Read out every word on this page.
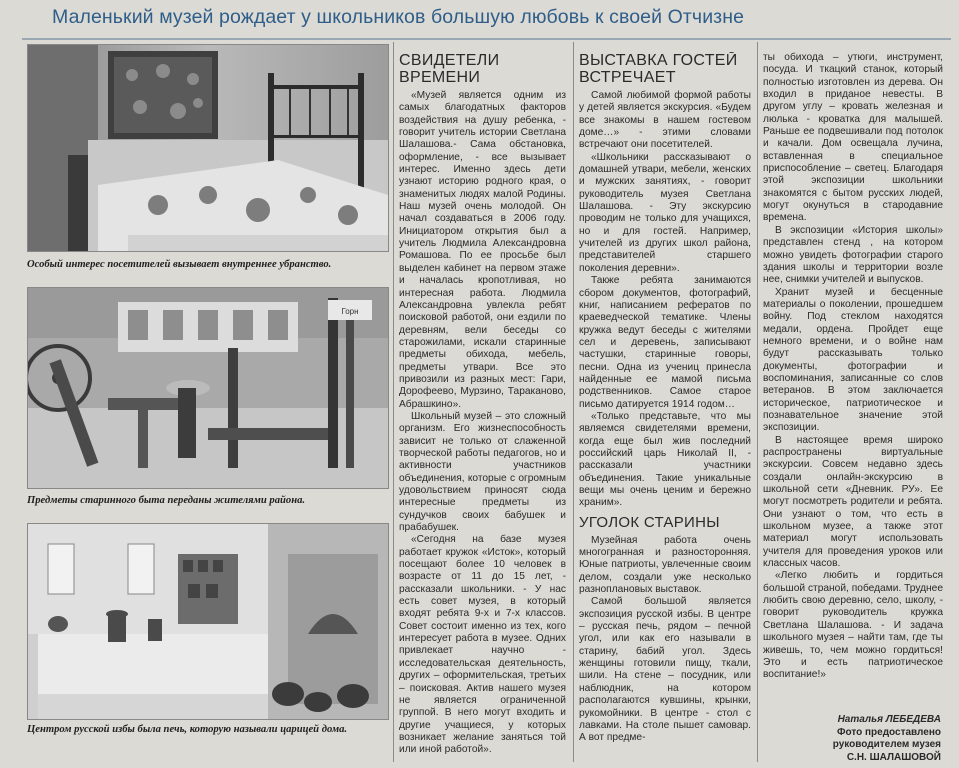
Маленький музей рождает у школьников большую любовь к своей Отчизне
Особый интерес посетителей вызывает внутреннее убранство.
Горн
Предметы старинного быта переданы жителями района.
Центром русской избы была печь, которую называли царицей дома.
СВИДЕТЕЛИ ВРЕМЕНИ

«Музей является одним из самых благодатных факторов воздействия на душу ребенка, - говорит учитель истории Светлана Шалашова.- Сама обстановка, оформление, - все вызывает интерес. Именно здесь дети узнают историю родного края, о знаменитых людях малой Родины. Наш музей очень молодой. Он начал создаваться в 2006 году. Инициатором открытия был а учитель Людмила Александровна Ромашова. По ее просьбе был выделен кабинет на первом этаже и началась кропотливая, но интересная работа. Людмила Александровна увлекла ребят поисковой работой, они ездили по деревням, вели беседы со старожилами, искали старинные предметы обихода, мебель, предметы утвари. Все это привозили из разных мест: Гари, Дорофеево, Мурзино, Тараканово, Абрашкино».

Школьный музей – это сложный организм. Его жизнеспособность зависит не только от слаженной творческой работы педагогов, но и активности участников объединения, которые с огромным удовольствием приносят сюда интересные предметы из сундучков своих бабушек и прабабушек.

«Сегодня на базе музея работает кружок «Исток», который посещают более 10 человек в возрасте от 11 до 15 лет, - рассказали школьники. - У нас есть совет музея, в который входят ребята 9-х и 7-х классов. Совет состоит именно из тех, кого интересует работа в музее. Одних привлекает научно - исследовательская деятельность, других – оформительская, третьих – поисковая. Актив нашего музея не является ограниченной группой. В него могут входить и другие учащиеся, у которых возникает желание заняться той или иной работой».

ВЫСТАВКА ГОСТЕЙ ВСТРЕЧАЕТ

Самой любимой формой работы у детей является экскурсия. «Будем все знакомы в нашем гостевом доме…» - этими словами встречают они посетителей.

«Школьники рассказывают о домашней утвари, мебели, женских и мужских занятиях, - говорит руководитель музея Светлана Шалашова. - Эту экскурсию проводим не только для учащихся, но и для гостей. Например, учителей из других школ района, представителей старшего поколения деревни».

Также ребята занимаются сбором документов, фотографий, книг, написанием рефератов по краеведческой тематике. Члены кружка ведут беседы с жителями сел и деревень, записывают частушки, старинные говоры, песни. Одна из учениц принесла найденные ее мамой письма родственников. Самое старое письмо датируется 1914 годом…

«Только представьте, что мы являемся свидетелями времени, когда еще был жив последний российский царь Николай II, - рассказали участники объединения. Такие уникальные вещи мы очень ценим и бережно храним».

УГОЛОК СТАРИНЫ

Музейная работа очень многогранная и разносторонняя. Юные патриоты, увлеченные своим делом, создали уже несколько разноплановых выставок.

Самой большой является экспозиция русской избы. В центре – русская печь, рядом – печной угол, или как его называли в старину, бабий угол. Здесь женщины готовили пищу, ткали, шили. На стене – посудник, или наблюдник, на котором располагаются кувшины, крынки, рукомойники. В центре - стол с лавками. На столе пышет самовар. А вот предме-

ты обихода – утюги, инструмент, посуда. И ткацкий станок, который полностью изготовлен из дерева. Он входил в приданое невесты. В другом углу – кровать железная и люлька - кроватка для малышей. Раньше ее подвешивали под потолок и качали. Дом освещала лучина, вставленная в специальное приспособление – светец. Благодаря этой экспозиции школьники знакомятся с бытом русских людей, могут окунуться в стародавние времена.

В экспозиции «История школы» представлен стенд , на котором можно увидеть фотографии старого здания школы и территории возле нее, снимки учителей и выпусков.

Хранит музей и бесценные материалы о поколении, прошедшем войну. Под стеклом находятся медали, ордена. Пройдет еще немного времени, и о войне нам будут рассказывать только документы, фотографии и воспоминания, записанные со слов ветеранов. В этом заключается историческое, патриотическое и познавательное значение этой экспозиции.

В настоящее время широко распространены виртуальные экскурсии. Совсем недавно здесь создали онлайн-экскурсию в школьной сети «Дневник. РУ». Ее могут посмотреть родители и ребята. Они узнают о том, что есть в школьном музее, а также этот материал могут использовать учителя для проведения уроков или классных часов.

«Легко любить и гордиться большой страной, победами. Труднее любить свою деревню, село, школу, - говорит руководитель кружка Светлана Шалашова. - И задача школьного музея – найти там, где ты живешь, то, чем можно гордиться! Это и есть патриотическое воспитание!»

Наталья ЛЕБЕДЕВА
Фото предоставлено
руководителем музея
С.Н. ШАЛАШОВОЙ
